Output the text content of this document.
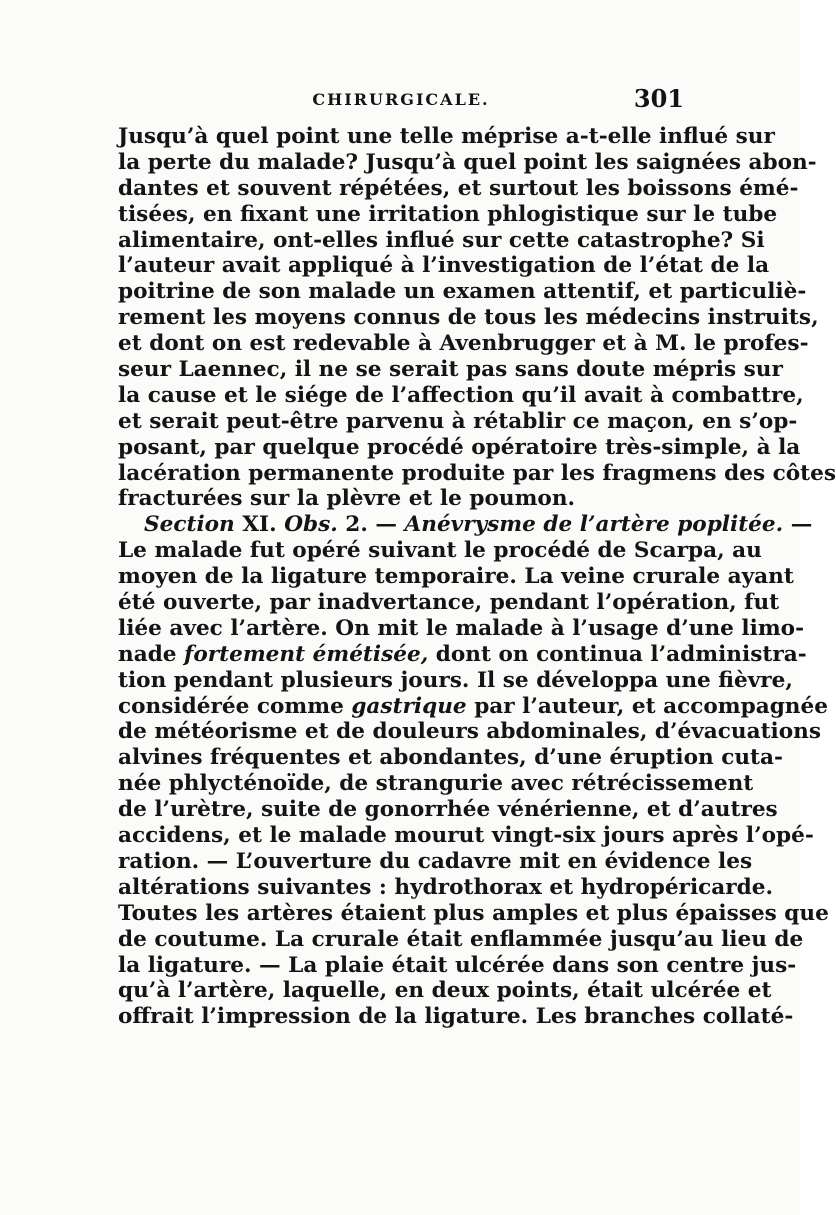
CHIRURGICALE.	301
Jusqu’à quel point une telle méprise a-t-elle influé sur
la perte du malade? Jusqu’à quel point les saignées abon-
dantes et souvent répétées, et surtout les boissons émé-
tisées, en fixant une irritation phlogistique sur le tube
alimentaire, ont-elles influé sur cette catastrophe? Si
l’auteur avait appliqué à l’investigation de l’état de la
poitrine de son malade un examen attentif, et particuliè-
rement les moyens connus de tous les médecins instruits,
et dont on est redevable à Avenbrugger et à M. le profes-
seur Laennec, il ne se serait pas sans doute mépris sur
la cause et le siége de l’affection qu’il avait à combattre,
et serait peut-être parvenu à rétablir ce maçon, en s’op-
posant, par quelque procédé opératoire très-simple, à la
lacération permanente produite par les fragmens des côtes
fracturées sur la plèvre et le poumon.
Section XI. Obs. 2. — Anévrysme de l’artère poplitée. —
Le malade fut opéré suivant le procédé de Scarpa, au
moyen de la ligature temporaire. La veine crurale ayant
été ouverte, par inadvertance, pendant l’opération, fut
liée avec l’artère. On mit le malade à l’usage d’une limo-
nade fortement émétisée, dont on continua l’administra-
tion pendant plusieurs jours. Il se développa une fièvre,
considérée comme gastrique par l’auteur, et accompagnée
de météorisme et de douleurs abdominales, d’évacuations
alvines fréquentes et abondantes, d’une éruption cuta-
née phlycténoïde, de strangurie avec rétrécissement
de l’urètre, suite de gonorrhée vénérienne, et d’autres
accidens, et le malade mourut vingt-six jours après l’opé-
ration. — L’ouverture du cadavre mit en évidence les
altérations suivantes : hydrothorax et hydropéricarde.
Toutes les artères étaient plus amples et plus épaisses que
de coutume. La crurale était enflammée jusqu’au lieu de
la ligature. — La plaie était ulcérée dans son centre jus-
qu’à l’artère, laquelle, en deux points, était ulcérée et
offrait l’impression de la ligature. Les branches collaté-
